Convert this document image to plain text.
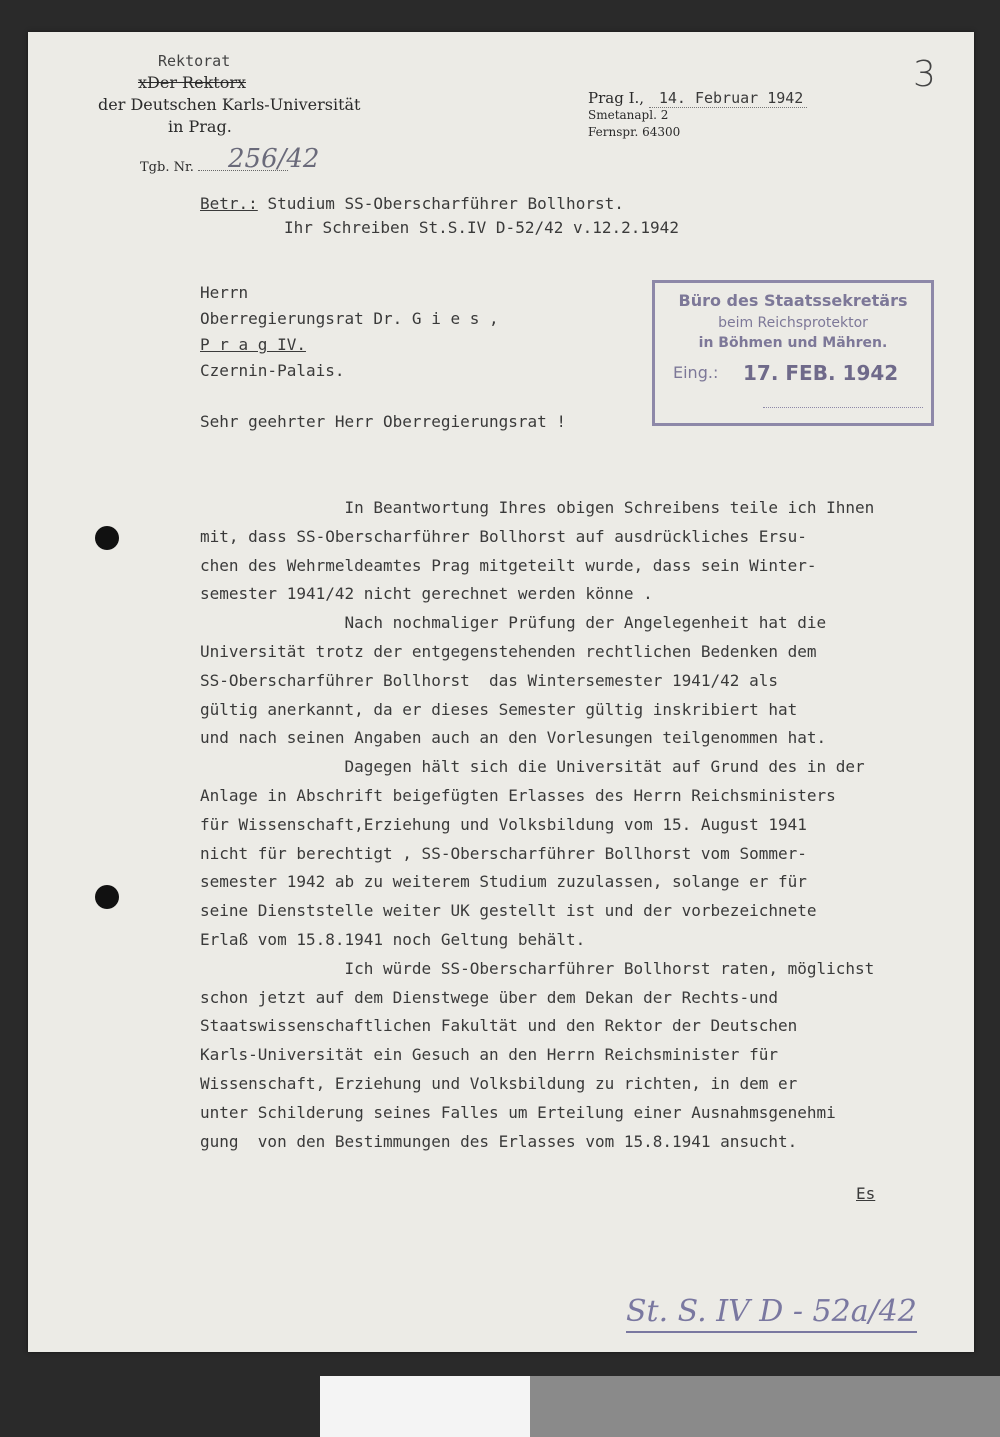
Rektorat
xDer Rektorx
der Deutschen Karls-Universität
in Prag.
Tgb. Nr.	256/42
Prag I., 14. Februar 1942
Smetanapl. 2
Fernspr. 64300
3
Betr.: Studium SS-Oberscharführer Bollhorst.
Ihr Schreiben St.S.IV D-52/42 v.12.2.1942
Herrn
Oberregierungsrat Dr. G i e s ,
P r a g IV.
Czernin-Palais.
Büro des Staatssekretärs
beim Reichsprotektor
in Böhmen und Mähren.
Eing.: 17. FEB. 1942
Sehr geehrter Herr Oberregierungsrat !
In Beantwortung Ihres obigen Schreibens teile ich Ihnen
mit, dass SS-Oberscharführer Bollhorst auf ausdrückliches Ersu-
chen des Wehrmeldeamtes Prag mitgeteilt wurde, dass sein Winter-
semester 1941/42 nicht gerechnet werden könne .
Nach nochmaliger Prüfung der Angelegenheit hat die
Universität trotz der entgegenstehenden rechtlichen Bedenken dem
SS-Oberscharführer Bollhorst  das Wintersemester 1941/42 als
gültig anerkannt, da er dieses Semester gültig inskribiert hat
und nach seinen Angaben auch an den Vorlesungen teilgenommen hat.
Dagegen hält sich die Universität auf Grund des in der
Anlage in Abschrift beigefügten Erlasses des Herrn Reichsministers
für Wissenschaft,Erziehung und Volksbildung vom 15. August 1941
nicht für berechtigt , SS-Oberscharführer Bollhorst vom Sommer-
semester 1942 ab zu weiterem Studium zuzulassen, solange er für
seine Dienststelle weiter UK gestellt ist und der vorbezeichnete
Erlaß vom 15.8.1941 noch Geltung behält.
Ich würde SS-Oberscharführer Bollhorst raten, möglichst
schon jetzt auf dem Dienstwege über dem Dekan der Rechts-und
Staatswissenschaftlichen Fakultät und den Rektor der Deutschen
Karls-Universität ein Gesuch an den Herrn Reichsminister für
Wissenschaft, Erziehung und Volksbildung zu richten, in dem er
unter Schilderung seines Falles um Erteilung einer Ausnahmsgenehmi
gung  von den Bestimmungen des Erlasses vom 15.8.1941 ansucht.
Es
St. S. IV D - 52a/42
